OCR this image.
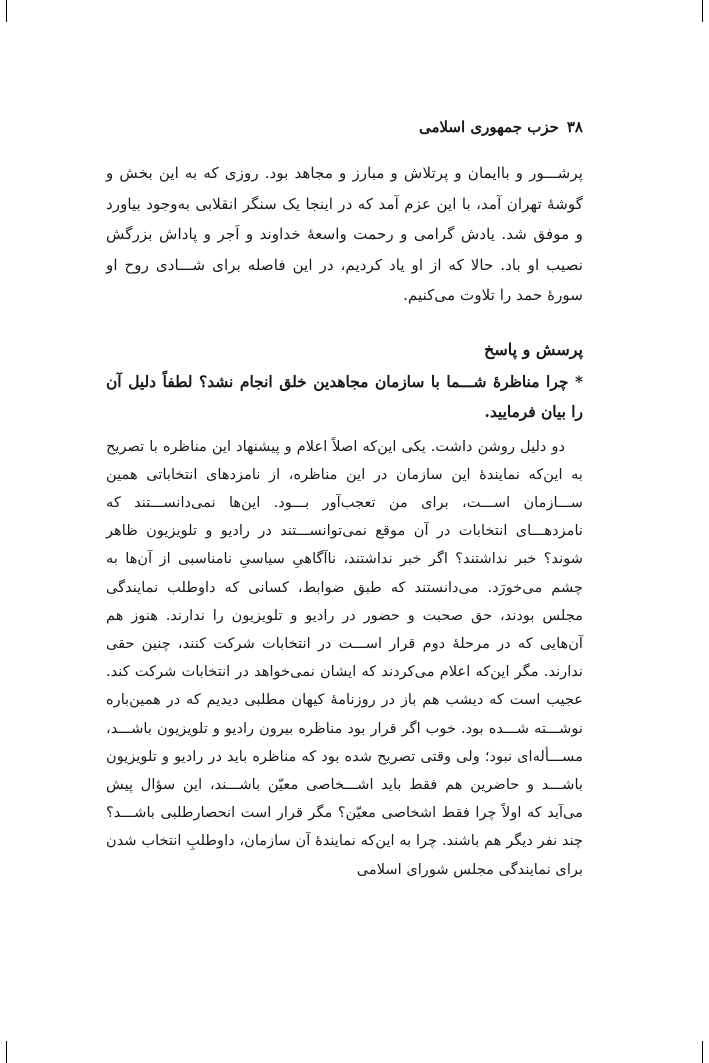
۳۸
حزب جمهوری اسلامی

پرشـــور و باایمان و پرتلاش و مبارز و مجاهد بود. روزی که به این بخش و گوشهٔ تهران آمد، با این عزم آمد که در اینجا یک سنگر انقلابی به‌وجود بیاورد و موفق شد. یادش گرامی و رحمت واسعهٔ خداوند و اَجر و پاداش بزرگش نصیب او باد. حالا که از او یاد کردیم، در این فاصله برای شـــادی روح او سورهٔ حمد را تلاوت می‌کنیم.

پرسش و پاسخ

* چرا مناظرهٔ شـــما با سازمان مجاهدین خلق انجام نشد؟ لطفاً دلیل آن را بیان فرمایید.

دو دلیل روشن داشت. یکی این‌که اصلاً اعلام و پیشنهاد این مناظره با تصریح به این‌که نمایندهٔ این سازمان در این مناظره، از نامزدهای انتخاباتی همین ســـازمان اســـت، برای من تعجب‌آور بـــود. این‌ها نمی‌دانســـتند که نامزدهـــای انتخابات در آن موقع نمی‌توانســـتند در رادیو و تلویزیون ظاهر شوند؟ خبر نداشتند؟ اگر خبر نداشتند، ناآگاهیِ سیاسیِ نامناسبی از آن‌ها به چشم می‌خورَد. می‌دانستند که طبق ضوابط، کسانی که داوطلب نمایندگی مجلس بودند، حق صحبت و حضور در رادیو و تلویزیون را ندارند. هنوز هم آن‌هایی که در مرحلهٔ دوم قرار اســـت در انتخابات شرکت کنند، چنین حقی ندارند. مگر این‌که اعلام می‌کردند که ایشان نمی‌خواهد در انتخابات شرکت کند. عجیب است که دیشب هم باز در روزنامهٔ کیهان مطلبی دیدیم که در همین‌باره نوشـــته شـــده بود. خوب اگر قرار بود مناظره بیرون رادیو و تلویزیون باشـــد، مســـأله‌ای نبود؛ ولی وقتی تصریح شده بود که مناظره باید در رادیو و تلویزیون باشـــد و حاضرین هم فقط باید اشـــخاصی معیّن باشـــند، این سؤال پیش می‌آید که اولاً چرا فقط اشخاصی معیّن؟ مگر قرار است انحصارطلبی باشـــد؟ چند نفر دیگر هم باشند. چرا به این‌که نمایندهٔ آن سازمان، داوطلبِ انتخاب شدن برای نمایندگی مجلس شورای اسلامی
